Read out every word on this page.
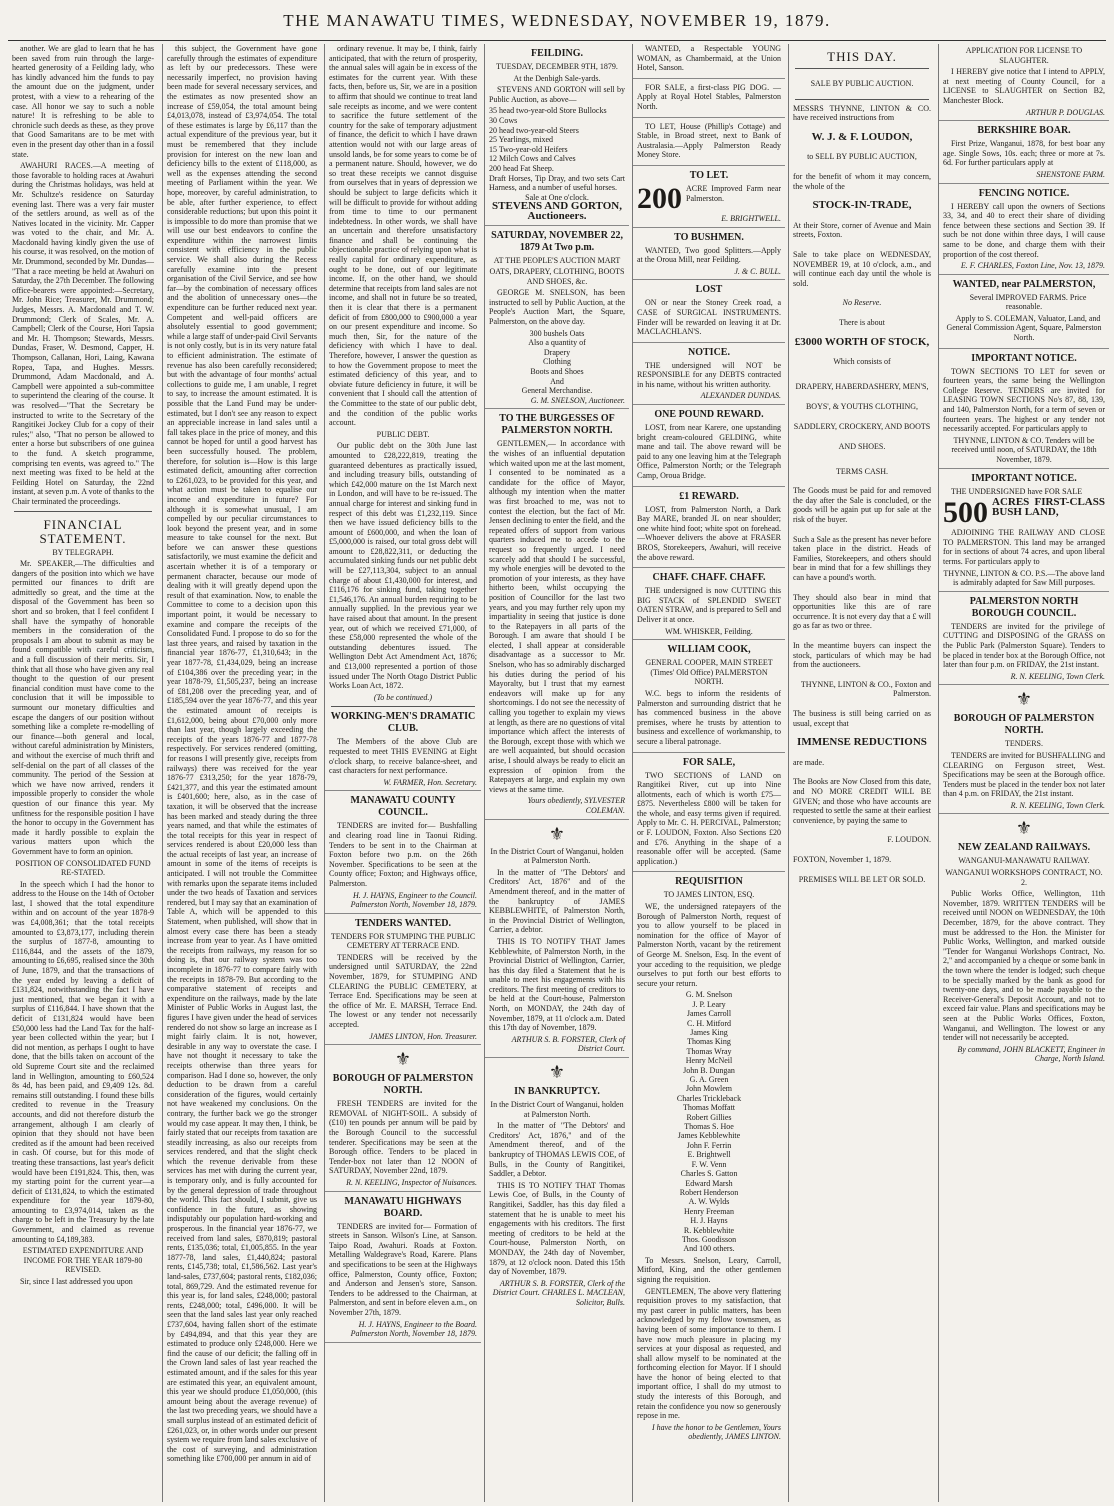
THE MANAWATU TIMES, WEDNESDAY, NOVEMBER 19, 1879.

another. We are glad to learn that he has been saved from ruin through the large-hearted generosity of a Feilding lady, who has kindly advanced him the funds to pay the amount due on the judgment, under protest, with a view to a rehearing of the case. All honor we say to such a noble nature! It is refreshing to be able to chronicle such deeds as these, as they prove that Good Samaritans are to be met with even in the present day other than in a fossil state.

AWAHURI RACES.—A meeting of those favorable to holding races at Awahuri during the Christmas holidays, was held at Mr. Schultze's residence on Saturday evening last. There was a very fair muster of the settlers around, as well as of the Natives located in the vicinity. Mr. Capper was voted to the chair, and Mr. A. Macdonald having kindly given the use of his course, it was resolved, on the motion of Mr. Drummond, seconded by Mr. Dundas— "That a race meeting be held at Awahuri on Saturday, the 27th December. The following office-bearers were appointed:—Secretary, Mr. John Rice; Treasurer, Mr. Drummond; Judges, Messrs. A. Macdonald and T. W. Drummond; Clerk of Scales, Mr. A. Campbell; Clerk of the Course, Hori Tapsia and Mr. H. Thompson; Stewards, Messrs. Dundas, Fraser, W. Desmond, Capper, H. Thompson, Callanan, Hori, Laing, Kawana Ropea, Tapa, and Hughes. Messrs. Drummond, Adam Macdonald, and A. Campbell were appointed a sub-committee to superintend the clearing of the course. It was resolved—"That the Secretary be instructed to write to the Secretary of the Rangitikei Jockey Club for a copy of their rules;" also, "That no person be allowed to enter a horse but subscribers of one guinea to the fund. A sketch programme, comprising ten events, was agreed to." The next meeting was fixed to be held at the Feilding Hotel on Saturday, the 22nd instant, at seven p.m. A vote of thanks to the Chair terminated the proceedings.

FINANCIAL STATEMENT.
BY TELEGRAPH.

Mr. SPEAKER,—The difficulties and dangers of the position into which we have permitted our finances to drift are admittedly so great, and the time at the disposal of the Government has been so short and so broken, that I feel confident I shall have the sympathy of honorable members in the consideration of the proposals I am about to submit as may be found compatible with careful criticism, and a full discussion of their merits. Sir, I think that all those who have given any real thought to the question of our present financial condition must have come to the conclusion that it will be impossible to surmount our monetary difficulties and escape the dangers of our position without something like a complete re-modelling of our finance—both general and local, without careful administration by Ministers, and without the exercise of much thrift and self-denial on the part of all classes of the community. The period of the Session at which we have now arrived, renders it impossible properly to consider the whole question of our finance this year. My unfitness for the responsible position I have the honor to occupy in the Government has made it hardly possible to explain the various matters upon which the Government have to form an opinion.

POSITION OF CONSOLIDATED FUND RE-STATED.

In the speech which I had the honor to address to the House on the 14th of October last, I showed that the total expenditure within and on account of the year 1878-9 was £4,008,361; that the total receipts amounted to £3,873,177, including therein the surplus of 1877-8, amounting to £116,844, and the assets of the 1879, amounting to £6,695, realised since the 30th of June, 1879, and that the transactions of the year ended by leaving a deficit of £131,824, notwithstanding the fact I have just mentioned, that we began it with a surplus of £116,844. I have shown that the deficit of £131,824 would have been £50,000 less had the Land Tax for the half-year been collected within the year; but I did not mention, as perhaps I ought to have done, that the bills taken on account of the old Supreme Court site and the reclaimed land in Wellington, amounting to £60,524 8s 4d, has been paid, and £9,409 12s. 8d. remains still outstanding. I found these bills credited to revenue in the Treasury accounts, and did not therefore disturb the arrangement, although I am clearly of opinion that they should not have been credited as if the amount had been received in cash. Of course, but for this mode of treating these transactions, last year's deficit would have been £191,824. This, then, was my starting point for the current year—a deficit of £131,824, to which the estimated expenditure for the year 1879-80, amounting to £3,974,014, taken as the charge to be left in the Treasury by the late Government, and claimed as revenue amounting to £4,189,383.

ESTIMATED EXPENDITURE AND INCOME FOR THE YEAR 1879-80 REVISED.

Sir, since I last addressed you upon

this subject, the Government have gone carefully through the estimates of expenditure as left by our predecessors. These were necessarily imperfect, no provision having been made for several necessary services, and the estimates as now presented show an increase of £59,054, the total amount being £4,013,078, instead of £3,974,054. The total of these estimates is large by £6,117 than the actual expenditure of the previous year, but it must be remembered that they include provision for interest on the new loan and deficiency bills to the extent of £118,000, as well as the expenses attending the second meeting of Parliament within the year. We hope, moreover, by careful administration, to be able, after further experience, to effect considerable reductions; but upon this point it is impossible to do more than promise that we will use our best endeavors to confine the expenditure within the narrowest limits consistent with efficiency in the public service. We shall also during the Recess carefully examine into the present organisation of the Civil Service, and see how far—by the combination of necessary offices and the abolition of unnecessary ones—the expenditure can be further reduced next year. Competent and well-paid officers are absolutely essential to good government; while a large staff of under-paid Civil Servants is not only costly, but is in its very nature fatal to efficient administration. The estimate of revenue has also been carefully reconsidered; but with the advantage of four months' actual collections to guide me, I am unable, I regret to say, to increase the amount estimated. It is possible that the Land Fund may be under-estimated, but I don't see any reason to expect an appreciable increase in land sales until a fall takes place in the price of money, and this cannot be hoped for until a good harvest has been successfully housed. The problem, therefore, for solution is—How is this large estimated deficit, amounting after correction to £261,023, to be provided for this year, and what action must be taken to equalise our income and expenditure in future? For although it is somewhat unusual, I am compelled by our peculiar circumstances to look beyond the present year, and in some measure to take counsel for the next. But before we can answer these questions satisfactorily, we must examine the deficit and ascertain whether it is of a temporary or permanent character, because our mode of dealing with it will greatly depend upon the result of that examination. Now, to enable the Committee to come to a decision upon this important point, it would be necessary to examine and compare the receipts of the Consolidated Fund. I propose to do so for the last three years, and raised by taxation in the financial year 1876-77, £1,310,643; in the year 1877-78, £1,434,029, being an increase of £104,386 over the preceding year; in the year 1878-79, £1,505,237, being an increase of £81,208 over the preceding year, and of £185,594 over the year 1876-77, and this year the estimated amount of receipts is £1,612,000, being about £70,000 only more than last year, though largely exceeding the receipts of the years 1876-77 and 1877-78 respectively. For services rendered (omitting, for reasons I will presently give, receipts from railways) there was received for the year 1876-77 £313,250; for the year 1878-79, £421,377, and this year the estimated amount is £401,600; here, also, as in the case of taxation, it will be observed that the increase has been marked and steady during the three years named, and that while the estimates of the total receipts for this year in respect of services rendered is about £20,000 less than the actual receipts of last year, an increase of amount in some of the items of receipts is anticipated. I will not trouble the Committee with remarks upon the separate items included under the two heads of Taxation and services rendered, but I may say that an examination of Table A, which will be appended to this Statement, when published, will show that in almost every case there has been a steady increase from year to year. As I have omitted the receipts from railways, my reason for so doing is, that our railway system was too incomplete in 1876-77 to compare fairly with the receipts in 1878-79. But according to the comparative statement of receipts and expenditure on the railways, made by the late Minister of Public Works in August last, the figures I have given under the head of services rendered do not show so large an increase as I might fairly claim. It is not, however, desirable in any way to overstate the case. I have not thought it necessary to take the receipts otherwise than three years for comparison. Had I done so, however, the only deduction to be drawn from a careful consideration of the figures, would certainly not have weakened my conclusions. On the contrary, the further back we go the stronger would my case appear. It may then, I think, be fairly stated that our receipts from taxation are steadily increasing, as also our receipts from services rendered, and that the slight check which the revenue derivable from these services has met with during the current year, is temporary only, and is fully accounted for by the general depression of trade throughout the world. This fact should, I submit, give us confidence in the future, as showing indisputably our population hard-working and prosperous. In the financial year 1876-77, we received from land sales, £870,819; pastoral rents, £135,036; total, £1,005,855. In the year 1877-78, land sales, £1,440,824; pastoral rents, £145,738; total, £1,586,562. Last year's land-sales, £737,604; pastoral rents, £182,036; total, 869,729. And the estimated revenue for this year is, for land sales, £248,000; pastoral rents, £248,000; total, £496,000. It will be seen that the land sales last year only reached £737,604, having fallen short of the estimate by £494,894, and that this year they are estimated to produce only £248,000. Here we find the cause of our deficit; the falling off in the Crown land sales of last year reached the estimated amount, and if the sales for this year are estimated this year, an equivalent amount, this year we should produce £1,050,000, (this amount being about the average revenue) of the last two preceding years, we should have a small surplus instead of an estimated deficit of £261,023, or, in other words under our present system we require from land sales exclusive of the cost of surveying, and administration something like £700,000 per annum in aid of

ordinary revenue. It may be, I think, fairly anticipated, that with the return of prosperity, the annual sales will again be in excess of the estimates for the current year. With these facts, then, before us, Sir, we are in a position to affirm that should we continue to treat land sale receipts as income, and we were content to sacrifice the future settlement of the country for the sake of temporary adjustment of finance, the deficit to which I have drawn attention would not with our large areas of unsold lands, be for some years to come be of a permanent nature. Should, however, we do so treat these receipts we cannot disguise from ourselves that in years of depression we should be subject to large deficits which it will be difficult to provide for without adding from time to time to our permanent indebtedness. In other words, we shall have an uncertain and therefore unsatisfactory finance and shall be continuing the objectionable practice of relying upon what is really capital for ordinary expenditure, as ought to be done, out of our legitimate income. If, on the other hand, we should determine that receipts from land sales are not income, and shall not in future be so treated, then it is clear that there is a permanent deficit of from £800,000 to £900,000 a year on our present expenditure and income. So much then, Sir, for the nature of the deficiency with which I have to deal. Therefore, however, I answer the question as to how the Government propose to meet the estimated deficiency of this year, and to obviate future deficiency in future, it will be convenient that I should call the attention of the Committee to the state of our public debt, and the condition of the public works account.

PUBLIC DEBT.

Our public debt on the 30th June last amounted to £28,222,819, treating the guaranteed debentures as practically issued, and including treasury bills, outstanding of which £42,000 mature on the 1st March next in London, and will have to be re-issued. The annual charge for interest and sinking fund in respect of this debt was £1,232,119. Since then we have issued deficiency bills to the amount of £600,000, and when the loan of £5,000,000 is raised, our total gross debt will amount to £28,822,311, or deducting the accumulated sinking funds our net public debt will be £27,113,304, subject to an annual charge of about £1,430,000 for interest, and £116,176 for sinking fund, taking together £1,546,176. An annual burden requiring to be annually supplied. In the previous year we have raised about that amount. In the present year, out of which we received £71,000, of these £58,000 represented the whole of the outstanding debentures issued. The Wellington Debt Act Amendment Act, 1876; and £13,000 represented a portion of those issued under The North Otago District Public Works Loan Act, 1872.

(To be continued.)
WORKING-MEN'S DRAMATIC CLUB.

The Members of the above Club are requested to meet THIS EVENING at Eight o'clock sharp, to receive balance-sheet, and cast characters for next performance.

W. FARMER, Hon. Secretary.
MANAWATU COUNTY COUNCIL.

TENDERS are invited for— Bushfalling and clearing road line in Taonui Riding. Tenders to be sent in to the Chairman at Foxton before two p.m. on the 26th November. Specifications to be seen at the County office; Foxton; and Highways office, Palmerston.

H. J. HAYNS, Engineer to the Council. Palmerston North, November 18, 1879.
TENDERS WANTED.
TENDERS FOR STUMPING THE PUBLIC CEMETERY AT TERRACE END.

TENDERS will be received by the undersigned until SATURDAY, the 22nd November, 1879, for STUMPING AND CLEARING the PUBLIC CEMETERY, at Terrace End. Specifications may be seen at the office of Mr. E. MARSH, Terrace End. The lowest or any tender not necessarily accepted.

JAMES LINTON, Hon. Treasurer.
⚜
BOROUGH OF PALMERSTON NORTH.

FRESH TENDERS are invited for the REMOVAL of NIGHT-SOIL. A subsidy of (£10) ten pounds per annum will be paid by the Borough Council to the successful tenderer. Specifications may be seen at the Borough office. Tenders to be placed in Tender-box not later than 12 NOON of SATURDAY, November 22nd, 1879.

R. N. KEELING, Inspector of Nuisances.
MANAWATU HIGHWAYS BOARD.

TENDERS are invited for— Formation of streets in Sanson. Wilson's Line, at Sanson. Taipo Road, Awahuri. Roads at Foxton. Metalling Waldegrave's Road, Karere. Plans and specifications to be seen at the Highways office, Palmerston, County office, Foxton; and Anderson and Jensen's store, Sanson. Tenders to be addressed to the Chairman, at Palmerston, and sent in before eleven a.m., on November 27th, 1879.

H. J. HAYNS, Engineer to the Board. Palmerston North, November 18, 1879.
FEILDING.
TUESDAY, DECEMBER 9TH, 1879.
At the Denbigh Sale-yards.

STEVENS AND GORTON will sell by Public Auction, as above—

35 head two-year-old Store Bullocks
30 Cows
20 head two-year-old Steers
25 Yearlings, mixed
15 Two-year-old Heifers
12 Milch Cows and Calves
200 head Fat Sheep.
Draft Horses, Tip Dray, and two sets Cart Harness, and a number of useful horses.
Sale at One o'clock.
STEVENS AND GORTON, Auctioneers.
SATURDAY, NOVEMBER 22, 1879 At Two p.m.
AT THE PEOPLE'S AUCTION MART
OATS, DRAPERY, CLOTHING, BOOTS AND SHOES, &c.

GEORGE M. SNELSON, has been instructed to sell by Public Auction, at the People's Auction Mart, the Square, Palmerston, on the above day.

300 bushels Oats
Also a quantity of
Drapery
Clothing
Boots and Shoes
And
General Merchandise.
G. M. SNELSON, Auctioneer.
TO THE BURGESSES OF PALMERSTON NORTH.

GENTLEMEN,— In accordance with the wishes of an influential deputation which waited upon me at the last moment, I consented to be nominated as a candidate for the office of Mayor, although my intention when the matter was first broached to me, was not to contest the election, but the fact of Mr. Jensen declining to enter the field, and the repeated offers of support from various quarters induced me to accede to the request so frequently urged. I need scarcely add that should I be successful, my whole energies will be devoted to the promotion of your interests, as they have hitherto been, whilst occupying the position of Councillor for the last two years, and you may further rely upon my impartiality in seeing that justice is done to the Ratepayers in all parts of the Borough. I am aware that should I be elected, I shall appear at considerable disadvantage as a successor to Mr. Snelson, who has so admirably discharged his duties during the period of his Mayoralty, but I trust that my earnest endeavors will make up for any shortcomings. I do not see the necessity of calling you together to explain my views at length, as there are no questions of vital importance which affect the interests of the Borough, except those with which we are well acquainted, but should occasion arise, I should always be ready to elicit an expression of opinion from the Ratepayers at large, and explain my own views at the same time.

Yours obediently, SYLVESTER COLEMAN.
⚜
In the District Court of Wanganui, holden at Palmerston North.

In the matter of "The Debtors' and Creditors' Act, 1876" and of the Amendment thereof, and in the matter of the bankruptcy of JAMES KEBBLEWHITE, of Palmerston North, in the Provincial District of Wellington, Carrier, a debtor.

THIS IS TO NOTIFY THAT James Kebblewhite, of Palmerston North, in the Provincial District of Wellington, Carrier, has this day filed a Statement that he is unable to meet his engagements with his creditors. The first meeting of creditors to be held at the Court-house, Palmerston North, on MONDAY, the 24th day of November, 1879, at 11 o'clock a.m. Dated this 17th day of November, 1879.

ARTHUR S. B. FORSTER, Clerk of District Court.
⚜
IN BANKRUPTCY.
In the District Court of Wanganui, holden at Palmerston North.

In the matter of "The Debtors' and Creditors' Act, 1876," and of the Amendment thereof, and of the bankruptcy of THOMAS LEWIS COE, of Bulls, in the County of Rangitikei, Saddler, a Debtor.

THIS IS TO NOTIFY THAT Thomas Lewis Coe, of Bulls, in the County of Rangitikei, Saddler, has this day filed a statement that he is unable to meet his engagements with his creditors. The first meeting of creditors to be held at the Court-house, Palmerston North, on MONDAY, the 24th day of November, 1879, at 12 o'clock noon. Dated this 15th day of November, 1879.

ARTHUR S. B. FORSTER, Clerk of the District Court. CHARLES L. MACLEAN, Solicitor, Bulls.

WANTED, a Respectable YOUNG WOMAN, as Chambermaid, at the Union Hotel, Sanson.

FOR SALE, a first-class PIG DOG. —Apply at Royal Hotel Stables, Palmerston North.

TO LET, House (Phillip's Cottage) and Stable, in Broad street, next to Bank of Australasia.—Apply Palmerston Ready Money Store.

TO LET.
200 ACRE Improved Farm near Palmerston.
E. BRIGHTWELL.
TO BUSHMEN.

WANTED, Two good Splitters.—Apply at the Oroua Mill, near Feilding.

J. & C. BULL.
LOST

ON or near the Stoney Creek road, a CASE of SURGICAL INSTRUMENTS. Finder will be rewarded on leaving it at Dr. MACLACHLAN'S.

NOTICE.

THE undersigned will NOT be RESPONSIBLE for any DEBTS contracted in his name, without his written authority.

ALEXANDER DUNDAS.
ONE POUND REWARD.

LOST, from near Karere, one upstanding bright cream-coloured GELDING, white mane and tail. The above reward will be paid to any one leaving him at the Telegraph Office, Palmerston North; or the Telegraph Camp, Oroua Bridge.

£1 REWARD.

LOST, from Palmerston North, a Dark Bay MARE, branded JL on near shoulder; one white hind foot; white spot on forehead.—Whoever delivers the above at FRASER BROS, Storekeepers, Awahuri, will receive the above reward.

CHAFF. CHAFF. CHAFF.

THE undersigned is now CUTTING this BIG STACK of SPLENDID SWEET OATEN STRAW, and is prepared to Sell and Deliver it at once.

WM. WHISKER, Feilding.
WILLIAM COOK,
GENERAL COOPER, MAIN STREET (Times' Old Office) PALMERSTON NORTH.

W.C. begs to inform the residents of Palmerston and surrounding district that he has commenced business in the above premises, where he trusts by attention to business and excellence of workmanship, to secure a liberal patronage.

FOR SALE,

TWO SECTIONS of LAND on Rangitikei River, cut up into Nine allotments, each of which is worth £75—£875. Nevertheless £800 will be taken for the whole, and easy terms given if required. Apply to Mr. C. H. PERCIVAL, Palmerston; or F. LOUDON, Foxton. Also Sections £20 and £76. Anything in the shape of a reasonable offer will be accepted. (Same application.)

REQUISITION
TO JAMES LINTON, ESQ.

WE, the undersigned ratepayers of the Borough of Palmerston North, request of you to allow yourself to be placed in nomination for the office of Mayor of Palmerston North, vacant by the retirement of George M. Snelson, Esq. In the event of your acceding to the requisition, we pledge ourselves to put forth our best efforts to secure your return.

G. M. Snelson
J. P. Leary
James Carroll
C. H. Mitford
James King
Thomas King
Thomas Wray
Henry McNeil
John B. Dungan
G. A. Green
John Mowlem
Charles Trickleback
Thomas Moffatt
Robert Gillies
Thomas S. Hoe
James Kebblewhite
John F. Ferrin
E. Brightwell
F. W. Venn
Charles S. Gatton
Edward Marsh
Robert Henderson
A. W. Wylds
Henry Freeman
H. J. Hayns
R. Kebblewhite
Thos. Goodisson
And 100 others.

To Messrs. Snelson, Leary, Carroll, Mitford, King, and the other gentlemen signing the requisition.

GENTLEMEN, The above very flattering requisition proves to my satisfaction, that my past career in public matters, has been acknowledged by my fellow townsmen, as having been of some importance to them. I have now much pleasure in placing my services at your disposal as requested, and shall allow myself to be nominated at the forthcoming election for Mayor. If I should have the honor of being elected to that important office, I shall do my utmost to study the interests of this Borough, and retain the confidence you now so generously repose in me.

I have the honor to be Gentlemen, Yours obediently, JAMES LINTON.
THIS DAY.
SALE BY PUBLIC AUCTION.

MESSRS THYNNE, LINTON & CO. have received instructions from

W. J. & F. LOUDON,

to SELL BY PUBLIC AUCTION,

for the benefit of whom it may concern, the whole of the

STOCK-IN-TRADE,

At their Store, corner of Avenue and Main streets, Foxton.

Sale to take place on WEDNESDAY, NOVEMBER 19, at 10 o'clock, a.m., and will continue each day until the whole is sold.

No Reserve.

There is about

£3000 WORTH OF STOCK,

Which consists of

DRAPERY, HABERDASHERY, MEN'S, BOYS', & YOUTHS CLOTHING, SADDLERY, CROCKERY, AND BOOTS AND SHOES.

TERMS CASH.

The Goods must be paid for and removed the day after the Sale is concluded, or the goods will be again put up for sale at the risk of the buyer.

Such a Sale as the present has never before taken place in the district. Heads of Families, Storekeepers, and others should bear in mind that for a few shillings they can have a pound's worth.

They should also bear in mind that opportunities like this are of rare occurrence. It is not every day that a £ will go as far as two or three.

In the meantime buyers can inspect the stock, particulars of which may be had from the auctioneers.

THYNNE, LINTON & CO., Foxton and Palmerston.

The business is still being carried on as usual, except that

IMMENSE REDUCTIONS

are made.

The Books are Now Closed from this date, and NO MORE CREDIT WILL BE GIVEN; and those who have accounts are requested to settle the same at their earliest convenience, by paying the same to

F. LOUDON.

FOXTON, November 1, 1879.

PREMISES WILL BE LET OR SOLD.

APPLICATION FOR LICENSE TO SLAUGHTER.

I HEREBY give notice that I intend to APPLY, at next meeting of County Council, for a LICENSE to SLAUGHTER on Section B2, Manchester Block.

ARTHUR P. DOUGLAS.
BERKSHIRE BOAR.

First Prize, Wanganui, 1878, for best boar any age. Single Sows, 10s. each; three or more at 7s. 6d. For further particulars apply at

SHENSTONE FARM.
FENCING NOTICE.

I HEREBY call upon the owners of Sections 33, 34, and 40 to erect their share of dividing fence between these sections and Section 39. If such be not done within three days, I will cause same to be done, and charge them with their proportion of the cost thereof.

E. F. CHARLES, Foxton Line, Nov. 13, 1879.
WANTED, near PALMERSTON,

Several IMPROVED FARMS. Price reasonable.

Apply to S. COLEMAN, Valuator, Land, and General Commission Agent, Square, Palmerston North.

IMPORTANT NOTICE.

TOWN SECTIONS TO LET for seven or fourteen years, the same being the Wellington College Reserve. TENDERS are invited for LEASING TOWN SECTIONS No's 87, 88, 139, and 140, Palmerston North, for a term of seven or fourteen years. The highest or any tender not necessarily accepted. For particulars apply to

THYNNE, LINTON & CO. Tenders will be received until noon, of SATURDAY, the 18th November, 1879.
IMPORTANT NOTICE.

THE UNDERSIGNED have FOR SALE

500 ACRES FIRST-CLASS BUSH LAND,

ADJOINING THE RAILWAY AND CLOSE TO PALMERSTON. This land may be arranged for in sections of about 74 acres, and upon liberal terms. For particulars apply to

THYNNE, LINTON & CO. P.S.—The above land is admirably adapted for Saw Mill purposes.
PALMERSTON NORTH BOROUGH COUNCIL.

TENDERS are invited for the privilege of CUTTING and DISPOSING of the GRASS on the Public Park (Palmerston Square). Tenders to be placed in tender box at the Borough Office, not later than four p.m. on FRIDAY, the 21st instant.

R. N. KEELING, Town Clerk.
⚜
BOROUGH OF PALMERSTON NORTH.
TENDERS.

TENDERS are invited for BUSHFALLING and CLEARING on Ferguson street, West. Specifications may be seen at the Borough office. Tenders must be placed in the tender box not later than 4 p.m. on FRIDAY, the 21st instant.

R. N. KEELING, Town Clerk.
⚜
NEW ZEALAND RAILWAYS.
WANGANUI-MANAWATU RAILWAY.
WANGANUI WORKSHOPS CONTRACT, NO. 2.

Public Works Office, Wellington, 11th November, 1879. WRITTEN TENDERS will be received until NOON on WEDNESDAY, the 10th December, 1879, for the above contract. They must be addressed to the Hon. the Minister for Public Works, Wellington, and marked outside "Tender for Wanganui Workshops Contract, No. 2," and accompanied by a cheque or some bank in the town where the tender is lodged; such cheque to be specially marked by the bank as good for twenty-one days, and to be made payable to the Receiver-General's Deposit Account, and not to exceed fair value. Plans and specifications may be seen at the Public Works Offices, Foxton, Wanganui, and Wellington. The lowest or any tender will not necessarily be accepted.

By command, JOHN BLACKETT, Engineer in Charge, North Island.
